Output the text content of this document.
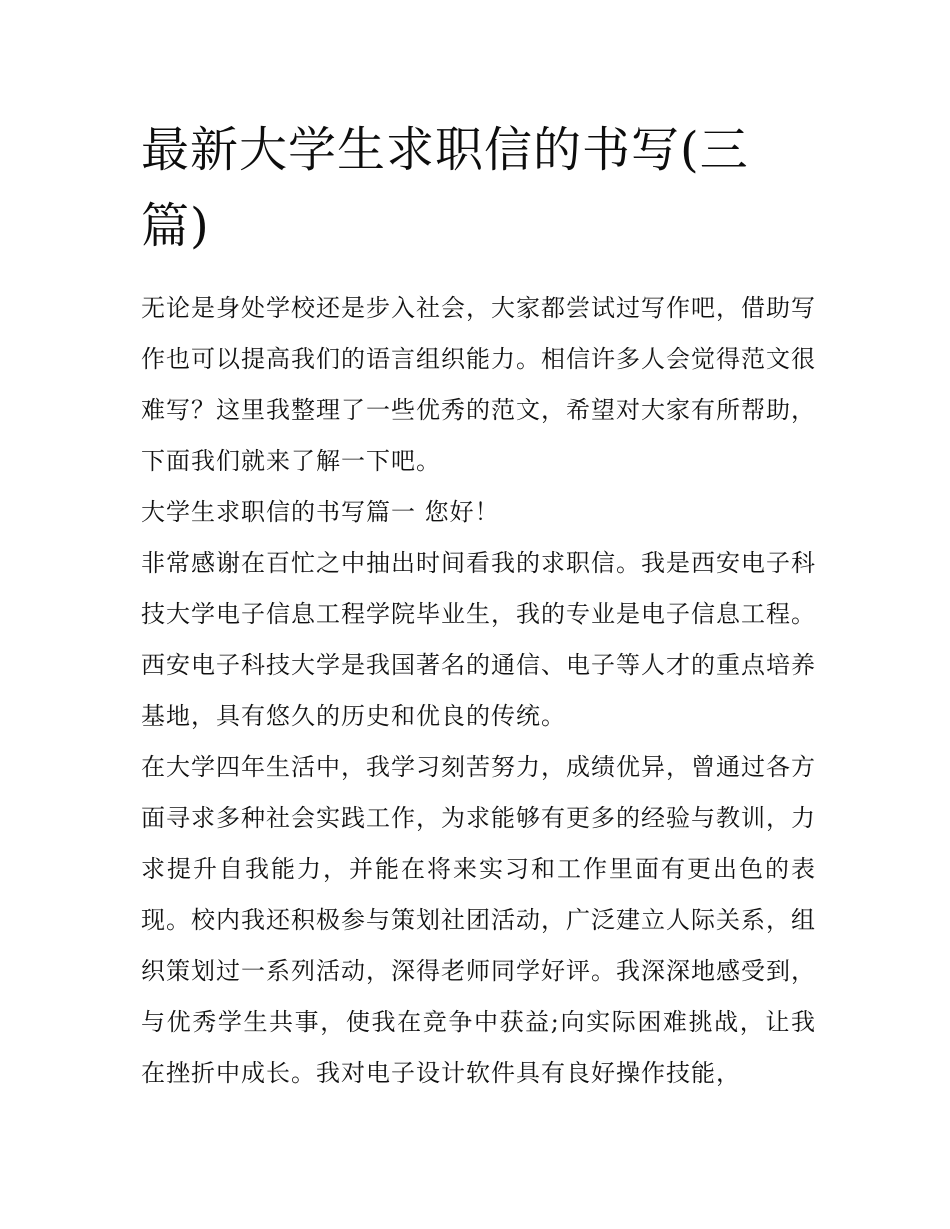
最新大学生求职信的书写(三篇)

无论是身处学校还是步入社会，大家都尝试过写作吧，借助写作也可以提高我们的语言组织能力。相信许多人会觉得范文很难写？这里我整理了一些优秀的范文，希望对大家有所帮助，下面我们就来了解一下吧。

大学生求职信的书写篇一 您好！

非常感谢在百忙之中抽出时间看我的求职信。我是西安电子科技大学电子信息工程学院毕业生，我的专业是电子信息工程。西安电子科技大学是我国著名的通信、电子等人才的重点培养基地，具有悠久的历史和优良的传统。

在大学四年生活中，我学习刻苦努力，成绩优异，曾通过各方面寻求多种社会实践工作，为求能够有更多的经验与教训，力求提升自我能力，并能在将来实习和工作里面有更出色的表现。校内我还积极参与策划社团活动，广泛建立人际关系，组织策划过一系列活动，深得老师同学好评。我深深地感受到，与优秀学生共事，使我在竞争中获益;向实际困难挑战，让我在挫折中成长。我对电子设计软件具有良好操作技能，
